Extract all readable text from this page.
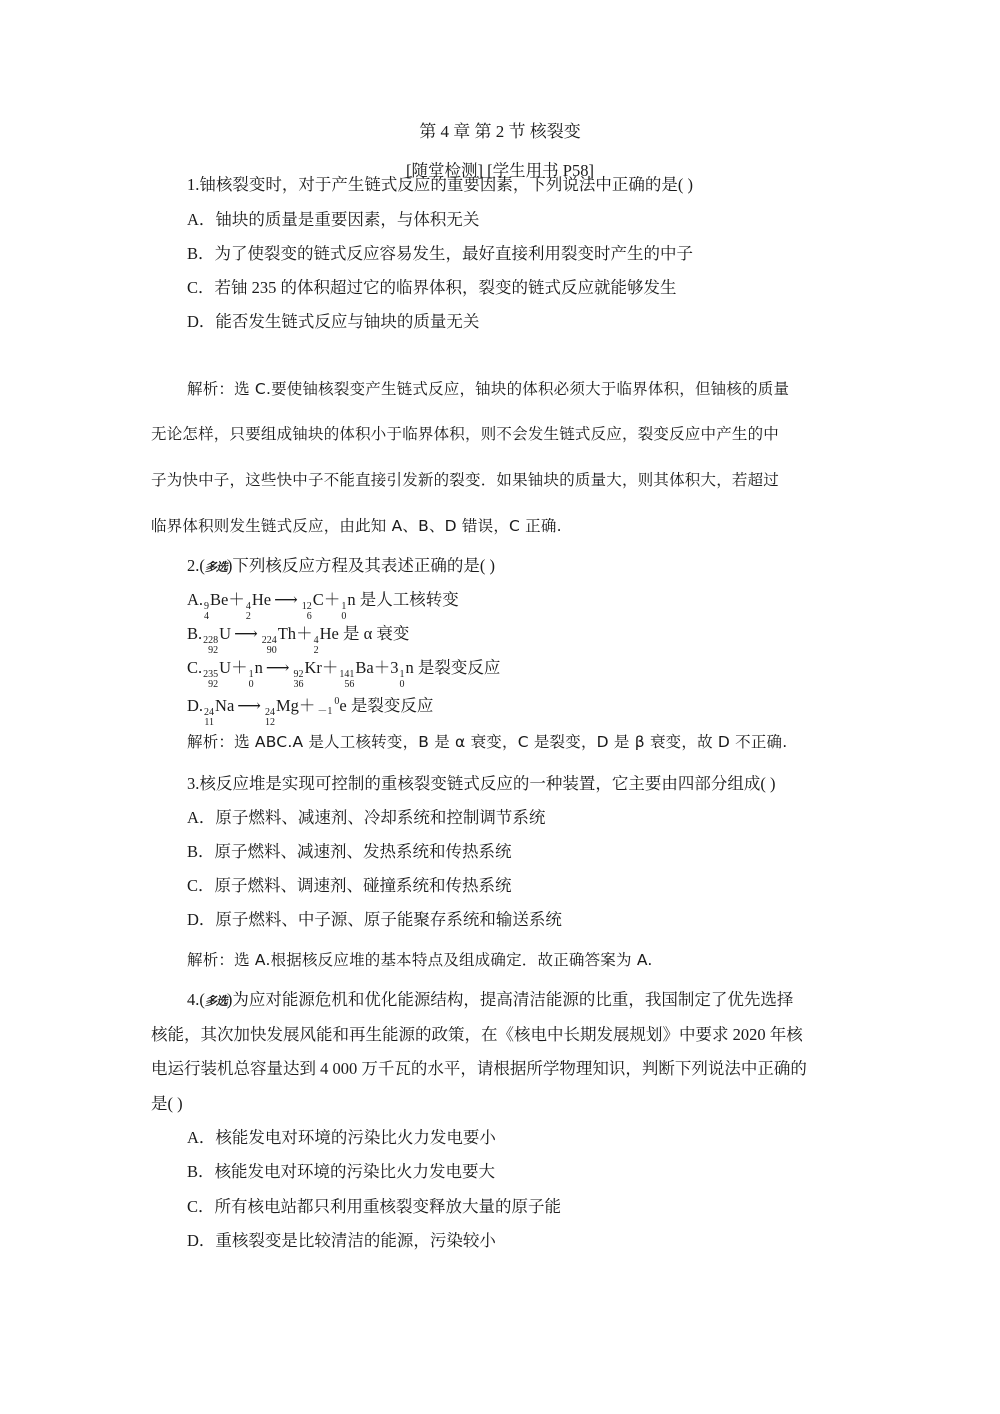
第 4 章 第 2 节 核裂变
[随堂检测] [学生用书 P58]
1.铀核裂变时，对于产生链式反应的重要因素，下列说法中正确的是( )
A．铀块的质量是重要因素，与体积无关
B．为了使裂变的链式反应容易发生，最好直接利用裂变时产生的中子
C．若铀 235 的体积超过它的临界体积，裂变的链式反应就能够发生
D．能否发生链式反应与铀块的质量无关
解析：选 C.要使铀核裂变产生链式反应，铀块的体积必须大于临界体积，但铀核的质量
无论怎样，只要组成铀块的体积小于临界体积，则不会发生链式反应，裂变反应中产生的中
子为快中子，这些快中子不能直接引发新的裂变．如果铀块的质量大，则其体积大，若超过
临界体积则发生链式反应，由此知 A、B、D 错误，C 正确.
2.(多选)下列核反应方程及其表述正确的是( )
A. 9
4
Be＋ 4
2
He ⟶ 12
6
C＋ 1
0
n 是人工核转变
B. 228
92
U ⟶ 224
90
Th＋ 4
2
He 是 α 衰变
C. 235
92
U＋ 1
0
n ⟶ 92
36
Kr＋ 141
56
Ba＋3 1
0
n 是裂变反应
D. 24
11
Na ⟶ 24
12
$Mg+ -1^0e$ 是裂变反应
解析：选 ABC.A 是人工核转变，B 是 α 衰变，C 是裂变，D 是 β 衰变，故 D 不正确.
3.核反应堆是实现可控制的重核裂变链式反应的一种装置，它主要由四部分组成( )
A．原子燃料、减速剂、冷却系统和控制调节系统
B．原子燃料、减速剂、发热系统和传热系统
C．原子燃料、调速剂、碰撞系统和传热系统
D．原子燃料、中子源、原子能聚存系统和输送系统
解析：选 A.根据核反应堆的基本特点及组成确定．故正确答案为 A.
4.(多选)为应对能源危机和优化能源结构，提高清洁能源的比重，我国制定了优先选择
核能，其次加快发展风能和再生能源的政策，在《核电中长期发展规划》中要求 2020 年核
电运行装机总容量达到 4 000 万千瓦的水平，请根据所学物理知识，判断下列说法中正确的
是( )
A．核能发电对环境的污染比火力发电要小
B．核能发电对环境的污染比火力发电要大
C．所有核电站都只利用重核裂变释放大量的原子能
D．重核裂变是比较清洁的能源，污染较小
